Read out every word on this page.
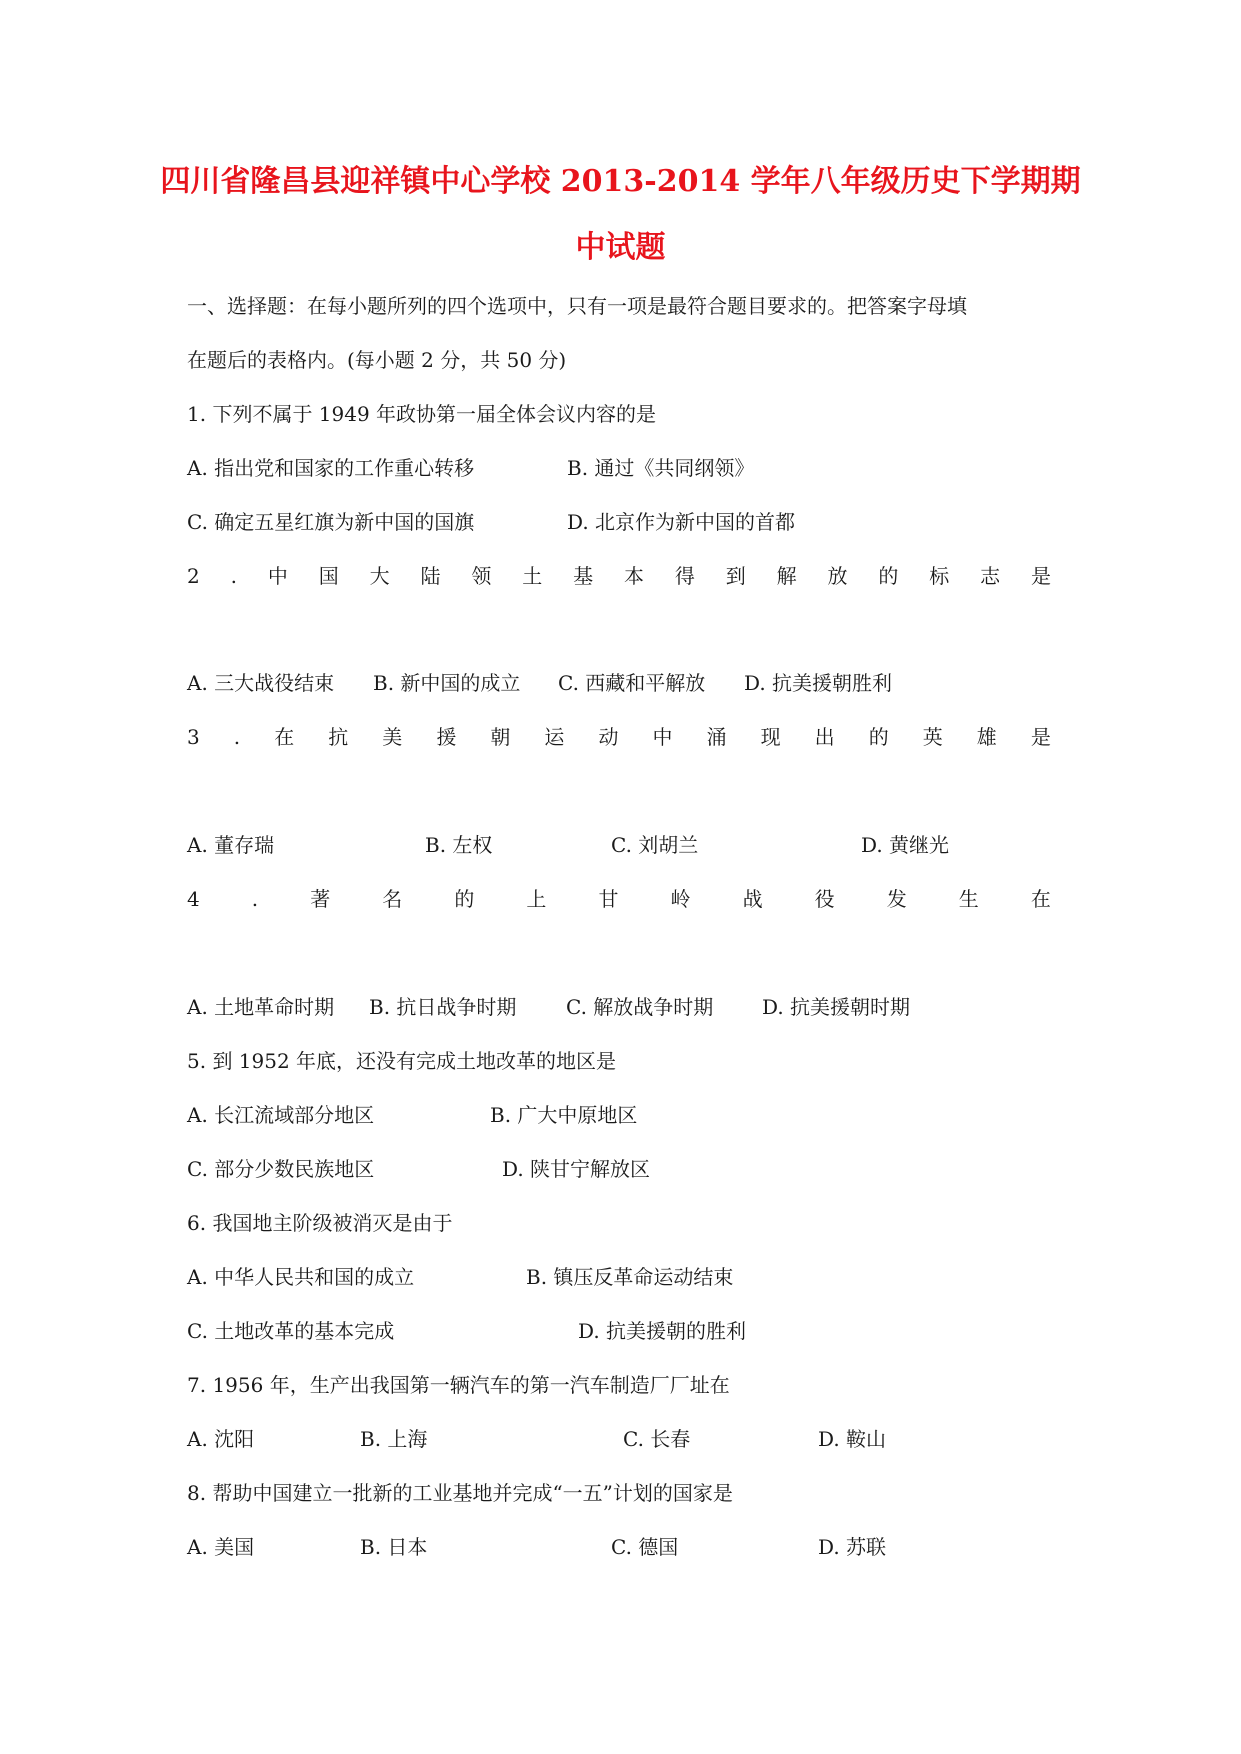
四川省隆昌县迎祥镇中心学校 2013-2014 学年八年级历史下学期期
中试题
一、选择题：在每小题所列的四个选项中，只有一项是最符合题目要求的。把答案字母填
在题后的表格内。(每小题 2 分，共 50 分)
1. 下列不属于 1949 年政协第一届全体会议内容的是
A. 指出党和国家的工作重心转移	B. 通过《共同纲领》
C. 确定五星红旗为新中国的国旗	D. 北京作为新中国的首都
2 . 中 国 大 陆 领 土 基 本 得 到 解 放 的 标 志 是
A. 三大战役结束 B. 新中国的成立 C. 西藏和平解放 D. 抗美援朝胜利
3 . 在 抗 美 援 朝 运 动 中 涌 现 出 的 英 雄 是
A. 董存瑞	B. 左权	C. 刘胡兰	D. 黄继光
4	.	著	名	的	上	甘	岭	战	役	发	生	在
A. 土地革命时期 B. 抗日战争时期 C. 解放战争时期 D. 抗美援朝时期
5. 到 1952 年底，还没有完成土地改革的地区是
A. 长江流域部分地区	B. 广大中原地区
C. 部分少数民族地区	D. 陕甘宁解放区
6. 我国地主阶级被消灭是由于
A. 中华人民共和国的成立	B. 镇压反革命运动结束
C. 土地改革的基本完成	D. 抗美援朝的胜利
7. 1956 年，生产出我国第一辆汽车的第一汽车制造厂厂址在
A. 沈阳	B. 上海	C. 长春	D. 鞍山
8. 帮助中国建立一批新的工业基地并完成“一五”计划的国家是
A. 美国	B. 日本	C. 德国	D. 苏联
